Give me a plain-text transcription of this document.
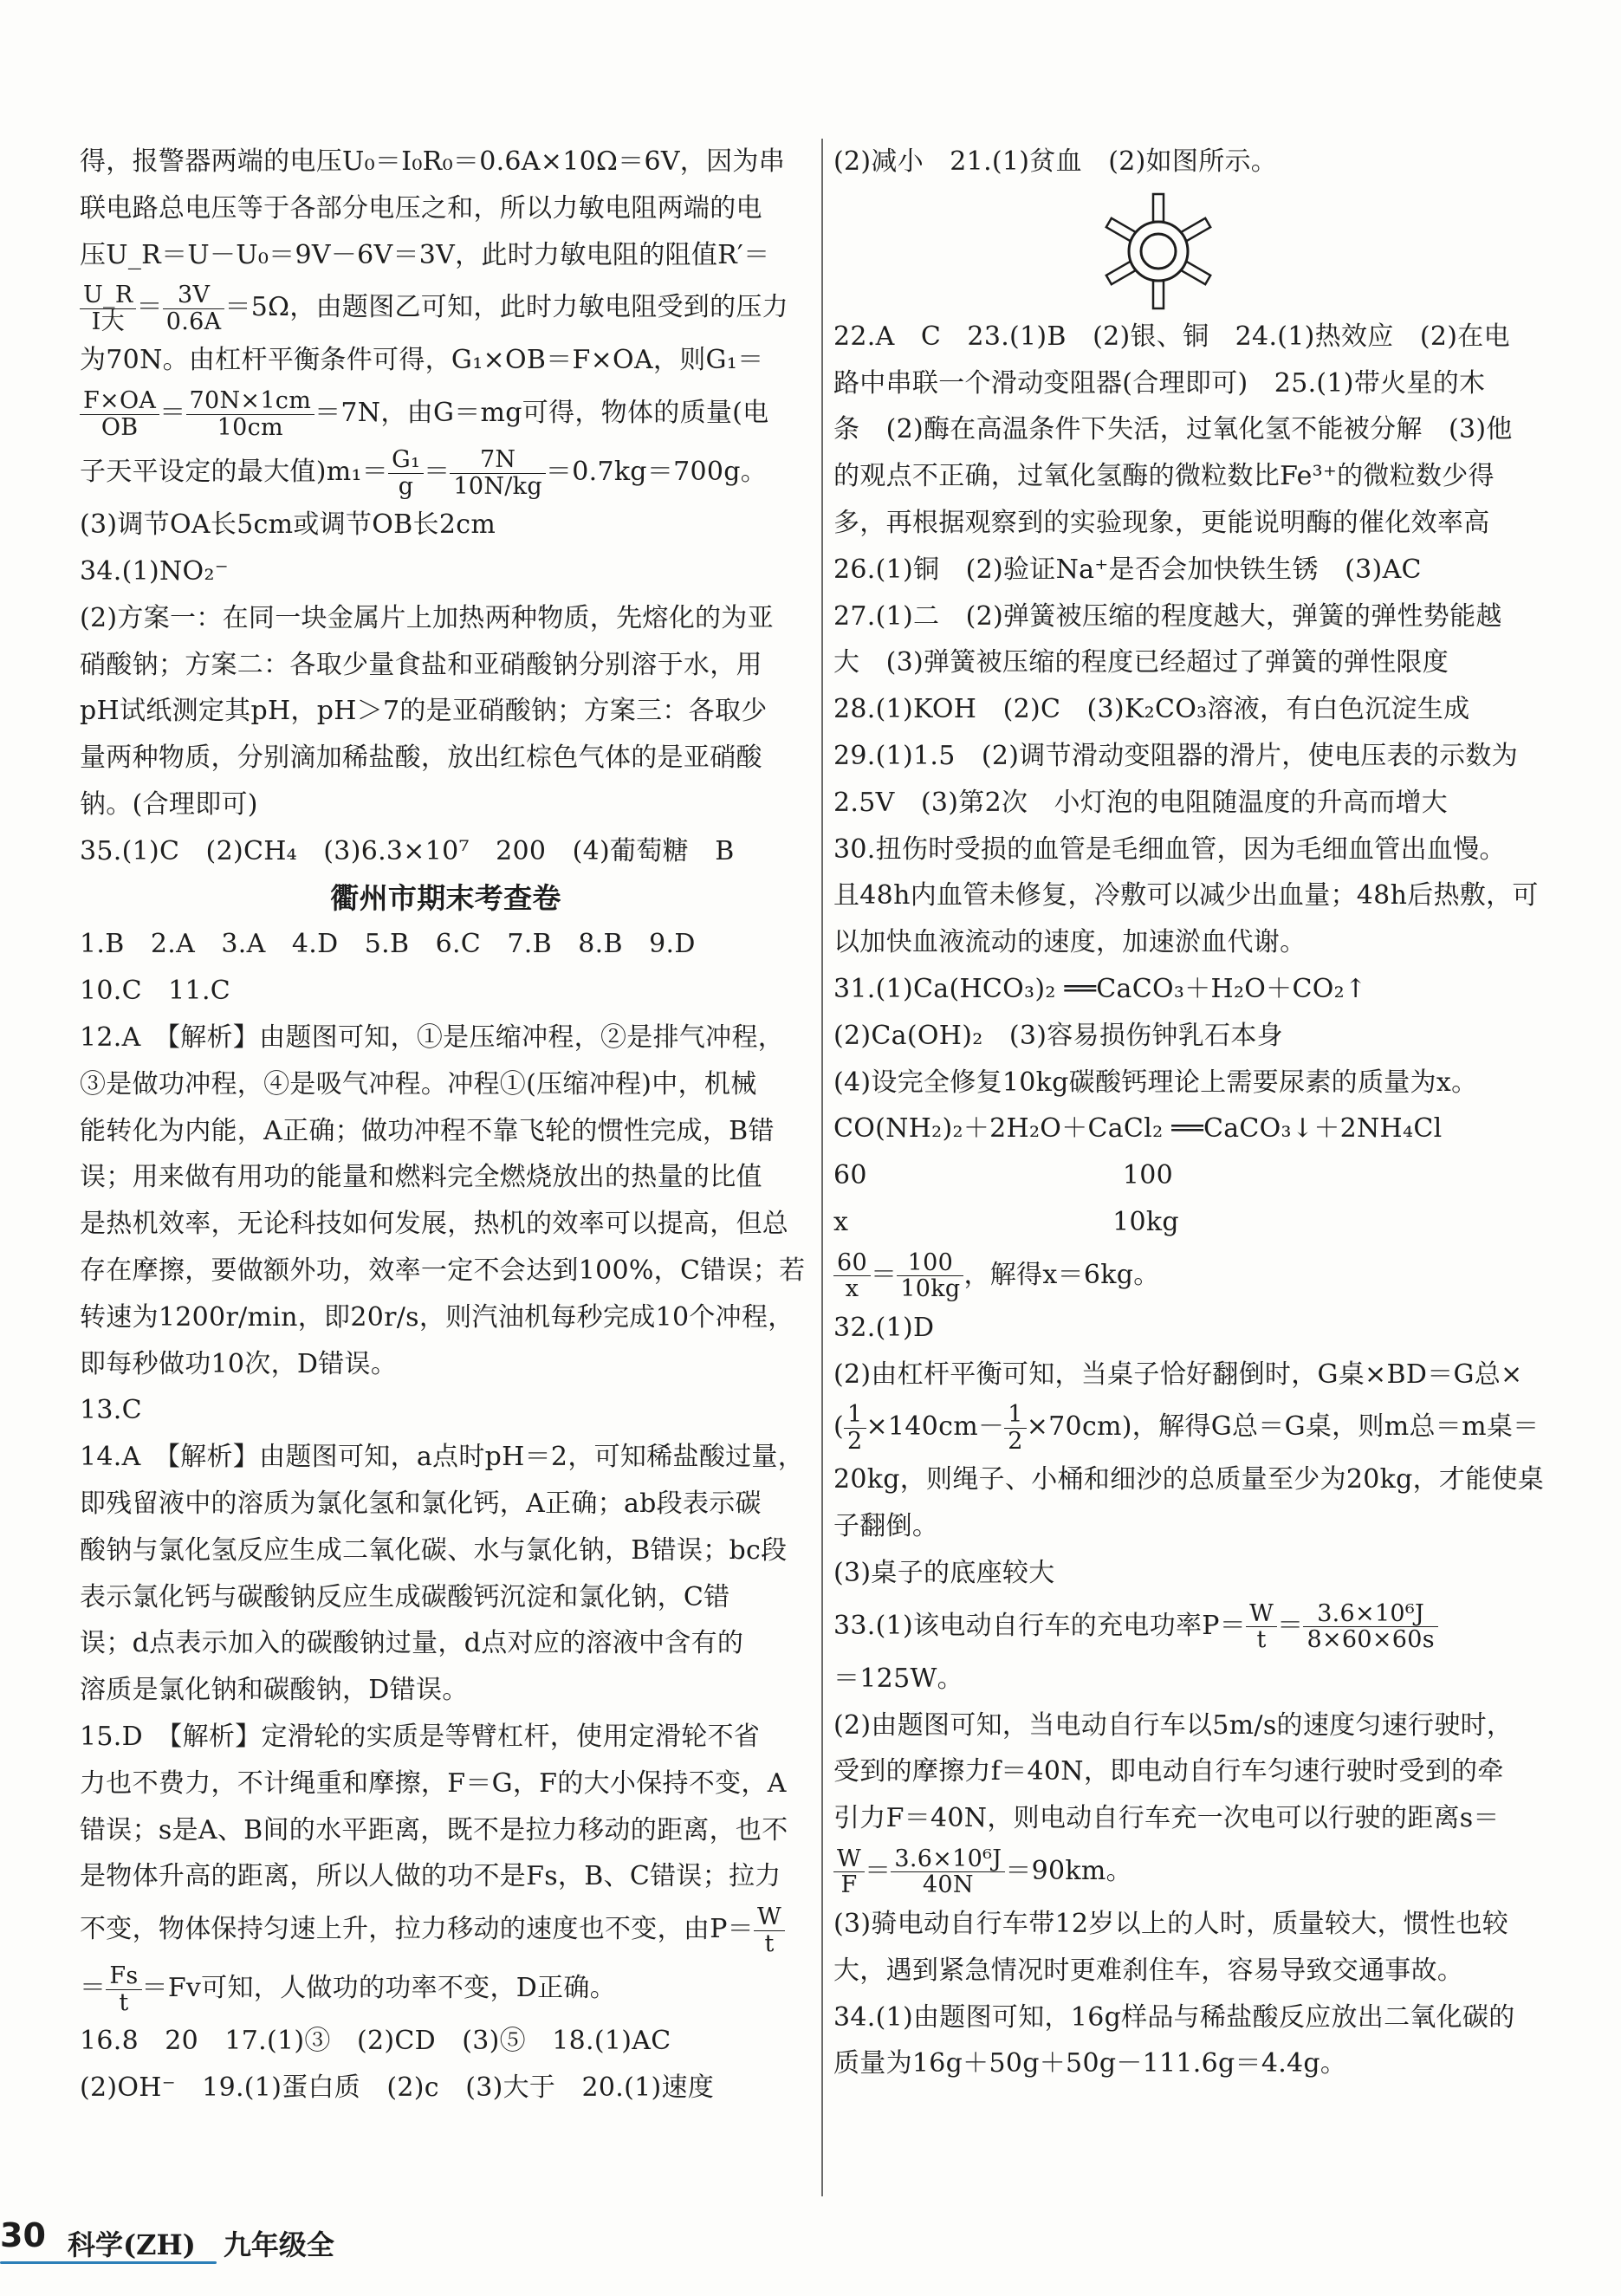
得，报警器两端的电压U₀＝I₀R₀＝0.6A×10Ω＝6V，因为串
联电路总电压等于各部分电压之和，所以力敏电阻两端的电
压U_R＝U－U₀＝9V－6V＝3V，此时力敏电阻的阻值R′＝
$\frac{U\_R}{\text{I大}} = \frac{3V}{0.6A} =5\Omega$，由题图乙可知，此时力敏电阻受到的压力
为70N。由杠杆平衡条件可得，G₁×OB＝F×OA，则G₁＝
$\frac{F\times OA}{OB} = \frac{70N\times 1cm}{10cm} =7N$，由G＝mg可得，物体的质量(电
子天平设定的最大值)$m_1= \frac{\text{G₁}}{g} = \frac{7N}{10N/kg} =0.7kg=700g$。
(3)调节OA长5cm或调节OB长2cm
34.(1)NO₂⁻
(2)方案一：在同一块金属片上加热两种物质，先熔化的为亚
硝酸钠；方案二：各取少量食盐和亚硝酸钠分别溶于水，用
pH试纸测定其pH，pH＞7的是亚硝酸钠；方案三：各取少
量两种物质，分别滴加稀盐酸，放出红棕色气体的是亚硝酸
钠。(合理即可)
35.(1)C　(2)CH₄　(3)6.3×10⁷　200　(4)葡萄糖　B
衢州市期末考查卷
1.B　2.A　3.A　4.D　5.B　6.C　7.B　8.B　9.D
10.C　11.C
12.A　【解析】由题图可知，①是压缩冲程，②是排气冲程，
③是做功冲程，④是吸气冲程。冲程①(压缩冲程)中，机械
能转化为内能，A正确；做功冲程不靠飞轮的惯性完成，B错
误；用来做有用功的能量和燃料完全燃烧放出的热量的比值
是热机效率，无论科技如何发展，热机的效率可以提高，但总
存在摩擦，要做额外功，效率一定不会达到100%，C错误；若
转速为1200r/min，即20r/s，则汽油机每秒完成10个冲程，
即每秒做功10次，D错误。
13.C
14.A　【解析】由题图可知，a点时pH＝2，可知稀盐酸过量，
即残留液中的溶质为氯化氢和氯化钙，A正确；ab段表示碳
酸钠与氯化氢反应生成二氧化碳、水与氯化钠，B错误；bc段
表示氯化钙与碳酸钠反应生成碳酸钙沉淀和氯化钠，C错
误；d点表示加入的碳酸钠过量，d点对应的溶液中含有的
溶质是氯化钠和碳酸钠，D错误。
15.D　【解析】定滑轮的实质是等臂杠杆，使用定滑轮不省
力也不费力，不计绳重和摩擦，F＝G，F的大小保持不变，A
错误；s是A、B间的水平距离，既不是拉力移动的距离，也不
是物体升高的距离，所以人做的功不是Fs，B、C错误；拉力
不变，物体保持匀速上升，拉力移动的速度也不变，由$P= \frac{W}{t}$
＝ $\frac{Fs}{t} =Fv$可知，人做功的功率不变，D正确。
16.8　20　17.(1)③　(2)CD　(3)⑤　18.(1)AC
(2)OH⁻　19.(1)蛋白质　(2)c　(3)大于　20.(1)速度
(2)减小　21.(1)贫血　(2)如图所示。
22.A　C　23.(1)B　(2)银、铜　24.(1)热效应　(2)在电
路中串联一个滑动变阻器(合理即可)　25.(1)带火星的木
条　(2)酶在高温条件下失活，过氧化氢不能被分解　(3)他
的观点不正确，过氧化氢酶的微粒数比Fe³⁺的微粒数少得
多，再根据观察到的实验现象，更能说明酶的催化效率高
26.(1)铜　(2)验证Na⁺是否会加快铁生锈　(3)AC
27.(1)二　(2)弹簧被压缩的程度越大，弹簧的弹性势能越
大　(3)弹簧被压缩的程度已经超过了弹簧的弹性限度
28.(1)KOH　(2)C　(3)K₂CO₃溶液，有白色沉淀生成
29.(1)1.5　(2)调节滑动变阻器的滑片，使电压表的示数为
2.5V　(3)第2次　小灯泡的电阻随温度的升高而增大
30.扭伤时受损的血管是毛细血管，因为毛细血管出血慢。
且48h内血管未修复，冷敷可以减少出血量；48h后热敷，可
以加快血液流动的速度，加速淤血代谢。
31.(1)Ca(HCO₃)₂ ══CaCO₃＋H₂O＋CO₂↑
(2)Ca(OH)₂　(3)容易损伤钟乳石本身
(4)设完全修复10kg碳酸钙理论上需要尿素的质量为x。
CO(NH₂)₂＋2H₂O＋CaCl₂ ══CaCO₃↓＋2NH₄Cl
60                              100
x                               10kg
$\frac{60}{x} = \frac{100}{10kg}$ ，解得x＝6kg。
32.(1)D
(2)由杠杆平衡可知，当桌子恰好翻倒时，G桌×BD＝G总×
( $\frac{1}{2} \times 140cm- \frac{1}{2} \times 70cm$)，解得G总＝G桌，则m总＝m桌＝
20kg，则绳子、小桶和细沙的总质量至少为20kg，才能使桌
子翻倒。
(3)桌子的底座较大
33.(1)该电动自行车的充电功率$P= \frac{W}{t} = \frac{\text{3.6×10⁶J}}{8\times 60\times 60s}$
＝125W。
(2)由题图可知，当电动自行车以5m/s的速度匀速行驶时，
受到的摩擦力f＝40N，即电动自行车匀速行驶时受到的牵
引力F＝40N，则电动自行车充一次电可以行驶的距离s＝
$\frac{W}{F} = \frac{\text{3.6×10⁶J}}{40N} =90km$。
(3)骑电动自行车带12岁以上的人时，质量较大，惯性也较
大，遇到紧急情况时更难刹住车，容易导致交通事故。
34.(1)由题图可知，16g样品与稀盐酸反应放出二氧化碳的
质量为16g＋50g＋50g－111.6g＝4.4g。
30 科学(ZH)　九年级全
